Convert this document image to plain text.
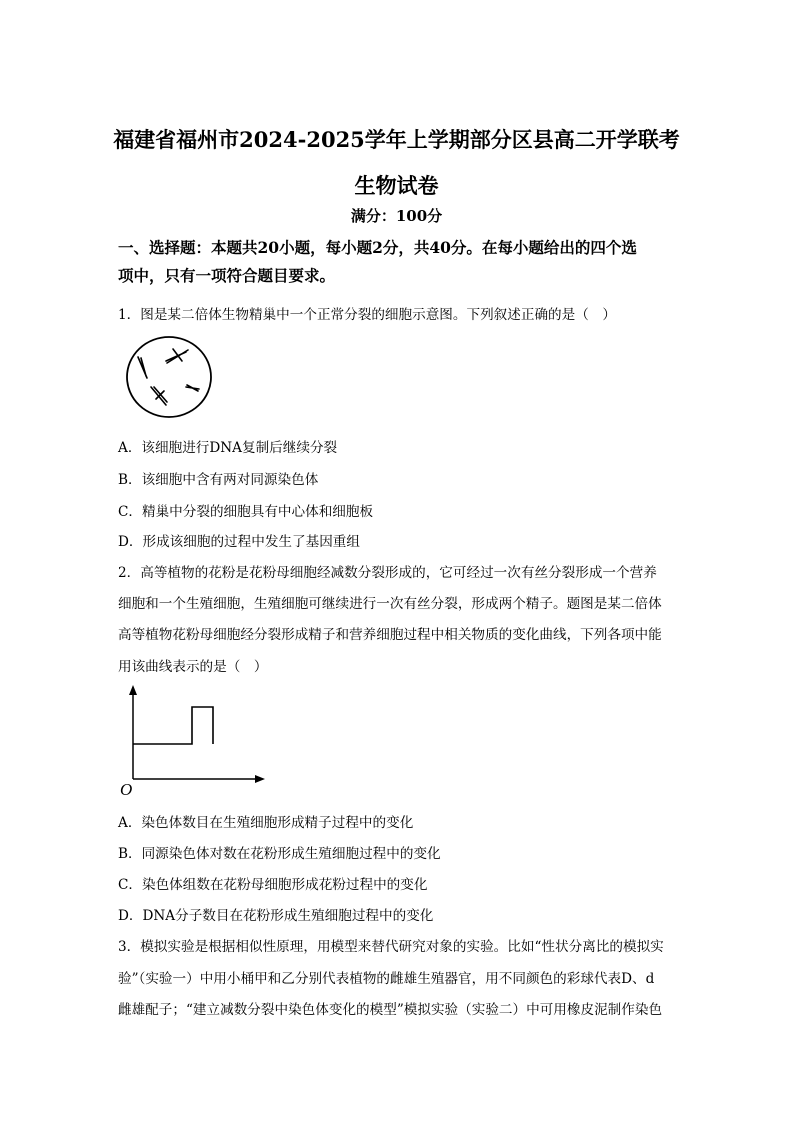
福建省福州市2024-2025学年上学期部分区县高二开学联考
生物试卷
满分：100分
一、选择题：本题共20小题，每小题2分，共40分。在每小题给出的四个选
项中，只有一项符合题目要求。
1．图是某二倍体生物精巢中一个正常分裂的细胞示意图。下列叙述正确的是（　）
A．该细胞进行DNA复制后继续分裂
B．该细胞中含有两对同源染色体
C．精巢中分裂的细胞具有中心体和细胞板
D．形成该细胞的过程中发生了基因重组
2．高等植物的花粉是花粉母细胞经减数分裂形成的，它可经过一次有丝分裂形成一个营养
细胞和一个生殖细胞，生殖细胞可继续进行一次有丝分裂，形成两个精子。题图是某二倍体
高等植物花粉母细胞经分裂形成精子和营养细胞过程中相关物质的变化曲线，下列各项中能
用该曲线表示的是（　）
O
A．染色体数目在生殖细胞形成精子过程中的变化
B．同源染色体对数在花粉形成生殖细胞过程中的变化
C．染色体组数在花粉母细胞形成花粉过程中的变化
D．DNA分子数目在花粉形成生殖细胞过程中的变化
3．模拟实验是根据相似性原理，用模型来替代研究对象的实验。比如“性状分离比的模拟实
验”（实验一）中用小桶甲和乙分别代表植物的雌雄生殖器官，用不同颜色的彩球代表D、d
雌雄配子；“建立减数分裂中染色体变化的模型”模拟实验（实验二）中可用橡皮泥制作染色
